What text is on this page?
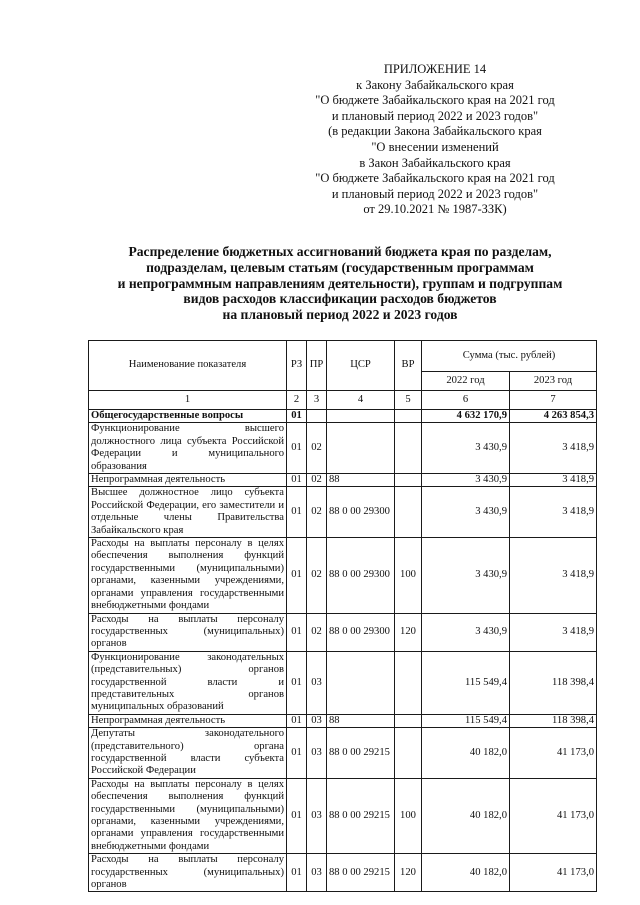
ПРИЛОЖЕНИЕ 14
к Закону Забайкальского края
"О бюджете Забайкальского края на 2021 год
и плановый период 2022 и 2023 годов"
(в редакции Закона Забайкальского края
"О внесении изменений
в Закон Забайкальского края
"О бюджете Забайкальского края на 2021 год
и плановый период 2022 и 2023 годов"
от 29.10.2021 № 1987-ЗЗК)
Распределение бюджетных ассигнований бюджета края по разделам,
подразделам, целевым статьям (государственным программам
и непрограммным направлениям деятельности), группам и подгруппам
видов расходов классификации расходов бюджетов
на плановый период 2022 и 2023 годов
Наименование показателя	РЗ	ПР	ЦСР	ВР	Сумма (тыс. рублей)	
					2022 год	2023 год
1	2	3	4	5	6	7
Общегосударственные вопросы	01				4 632 170,9	4 263 854,3
Функционирование высшего должностного лица субъекта Российской Федерации и муниципального образования	01	02			3 430,9	3 418,9
Непрограммная деятельность	01	02	88		3 430,9	3 418,9
Высшее должностное лицо субъекта Российской Федерации, его заместители и отдельные члены Правительства Забайкальского края	01	02	88 0 00 29300		3 430,9	3 418,9
Расходы на выплаты персоналу в целях обеспечения выполнения функций государственными (муниципальными) органами, казенными учреждениями, органами управления государственными внебюджетными фондами	01	02	88 0 00 29300	100	3 430,9	3 418,9
Расходы на выплаты персоналу государственных (муниципальных) органов	01	02	88 0 00 29300	120	3 430,9	3 418,9
Функционирование законодательных (представительных) органов государственной власти и представительных органов муниципальных образований	01	03			115 549,4	118 398,4
Непрограммная деятельность	01	03	88		115 549,4	118 398,4
Депутаты законодательного (представительного) органа государственной власти субъекта Российской Федерации	01	03	88 0 00 29215		40 182,0	41 173,0
Расходы на выплаты персоналу в целях обеспечения выполнения функций государственными (муниципальными) органами, казенными учреждениями, органами управления государственными внебюджетными фондами	01	03	88 0 00 29215	100	40 182,0	41 173,0
Расходы на выплаты персоналу государственных (муниципальных) органов	01	03	88 0 00 29215	120	40 182,0	41 173,0
